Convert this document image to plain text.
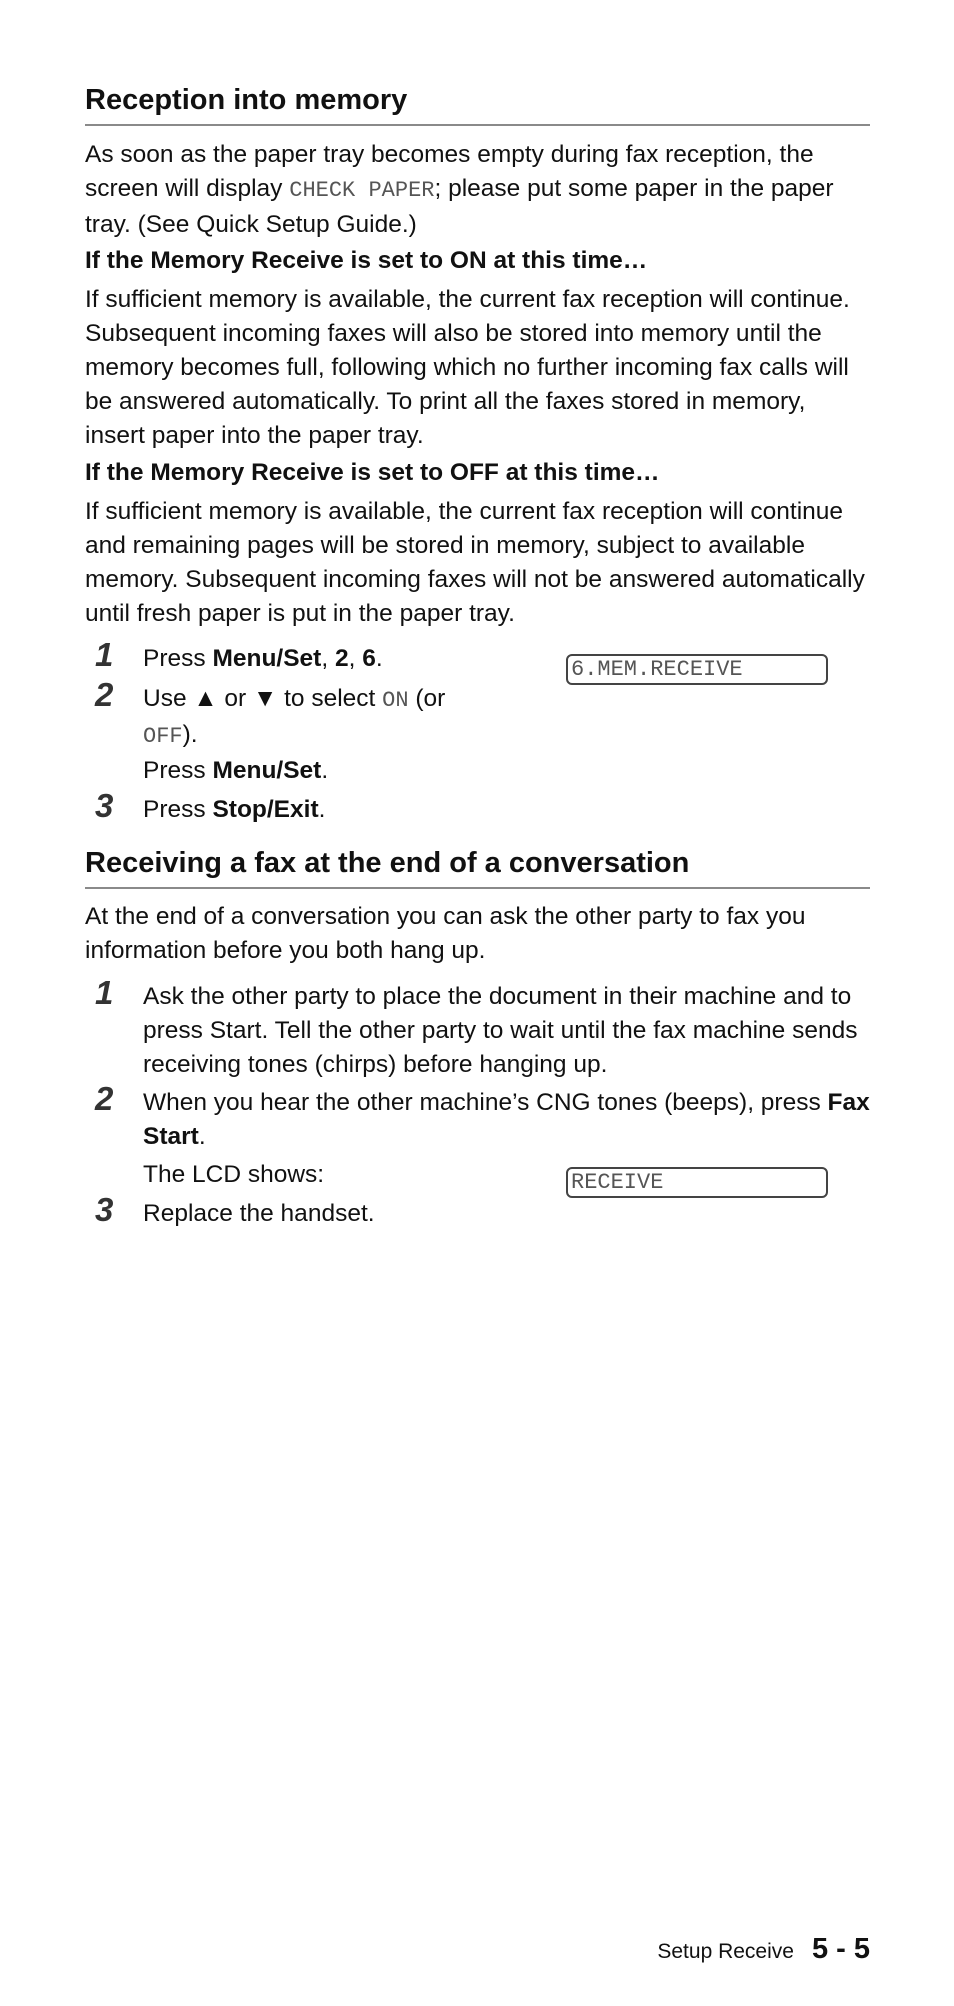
Reception into memory

As soon as the paper tray becomes empty during fax reception, the screen will display CHECK PAPER; please put some paper in the paper tray. (See Quick Setup Guide.)

If the Memory Receive is set to ON at this time…

If sufficient memory is available, the current fax reception will continue. Subsequent incoming faxes will also be stored into memory until the memory becomes full, following which no further incoming fax calls will be answered automatically. To print all the faxes stored in memory, insert paper into the paper tray.

If the Memory Receive is set to OFF at this time…

If sufficient memory is available, the current fax reception will continue and remaining pages will be stored in memory, subject to available memory. Subsequent incoming faxes will not be answered automatically until fresh paper is put in the paper tray.

1 Press Menu/Set, 2, 6.	6.MEM.RECEIVE
2 Use ▲ or ▼ to select ON (or
OFF).
Press Menu/Set.
3 Press Stop/Exit.
Receiving a fax at the end of a conversation

At the end of a conversation you can ask the other party to fax you information before you both hang up.

1 Ask the other party to place the document in their machine and to press Start. Tell the other party to wait until the fax machine sends receiving tones (chirps) before hanging up.
2 When you hear the other machine’s CNG tones (beeps), press Fax Start.
The LCD shows:	RECEIVE
3 Replace the handset.
Setup Receive 5 - 5
